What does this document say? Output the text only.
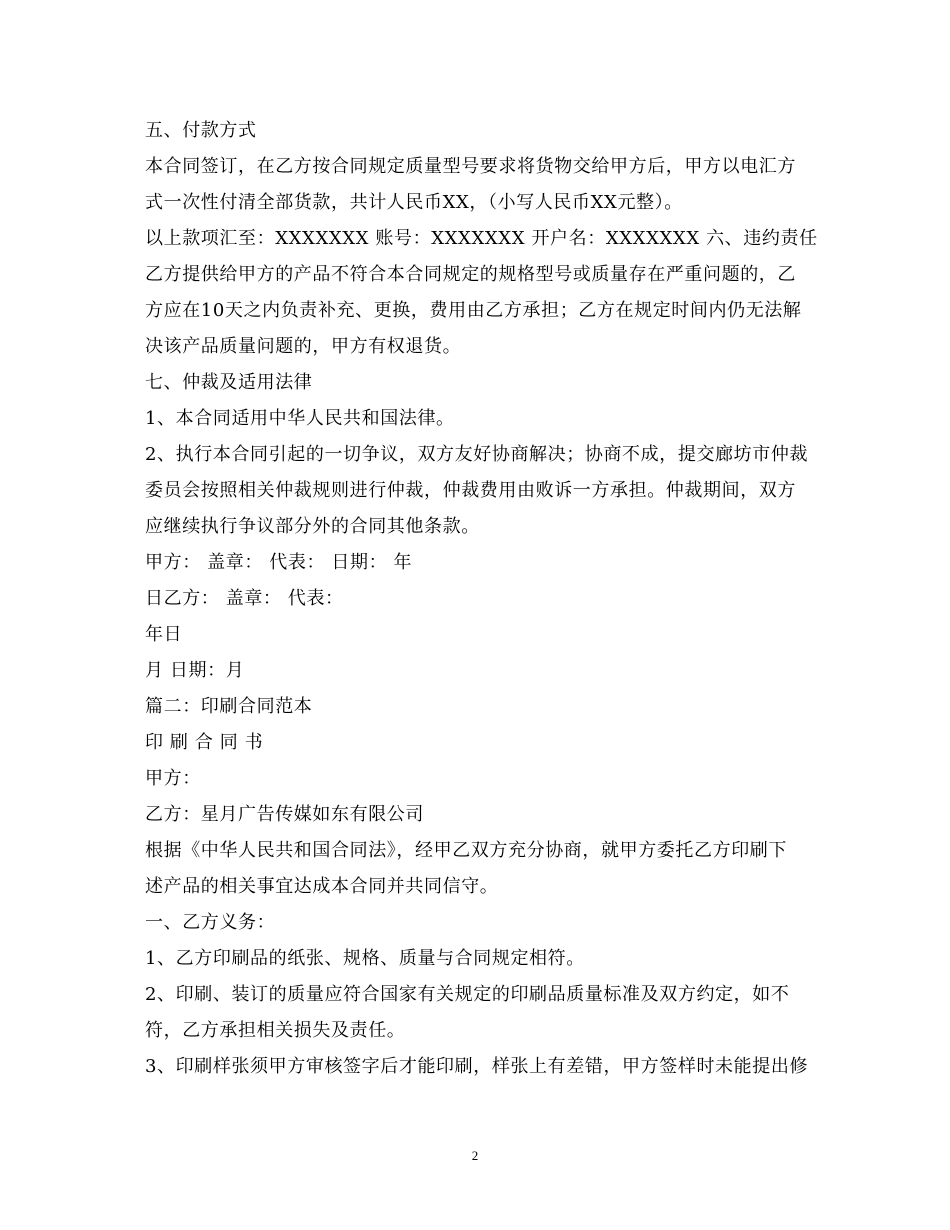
五、付款方式
本合同签订，在乙方按合同规定质量型号要求将货物交给甲方后，甲方以电汇方
式一次性付清全部货款，共计人民币XX，（小写人民币XX元整）。
以上款项汇至：XXXXXXX 账号：XXXXXXX 开户名：XXXXXXX 六、违约责任
乙方提供给甲方的产品不符合本合同规定的规格型号或质量存在严重问题的，乙
方应在10天之内负责补充、更换，费用由乙方承担；乙方在规定时间内仍无法解
决该产品质量问题的，甲方有权退货。
七、仲裁及适用法律
1、本合同适用中华人民共和国法律。
2、执行本合同引起的一切争议，双方友好协商解决；协商不成，提交廊坊市仲裁
委员会按照相关仲裁规则进行仲裁，仲裁费用由败诉一方承担。仲裁期间，双方
应继续执行争议部分外的合同其他条款。
甲方： 盖章： 代表： 日期： 年
日乙方： 盖章： 代表：
年日
月 日期：月
篇二：印刷合同范本
印 刷 合 同 书
甲方：
乙方：星月广告传媒如东有限公司
根据《中华人民共和国合同法》，经甲乙双方充分协商，就甲方委托乙方印刷下
述产品的相关事宜达成本合同并共同信守。
一、乙方义务：
1、乙方印刷品的纸张、规格、质量与合同规定相符。
2、印刷、装订的质量应符合国家有关规定的印刷品质量标准及双方约定，如不
符，乙方承担相关损失及责任。
3、印刷样张须甲方审核签字后才能印刷，样张上有差错，甲方签样时未能提出修
2
